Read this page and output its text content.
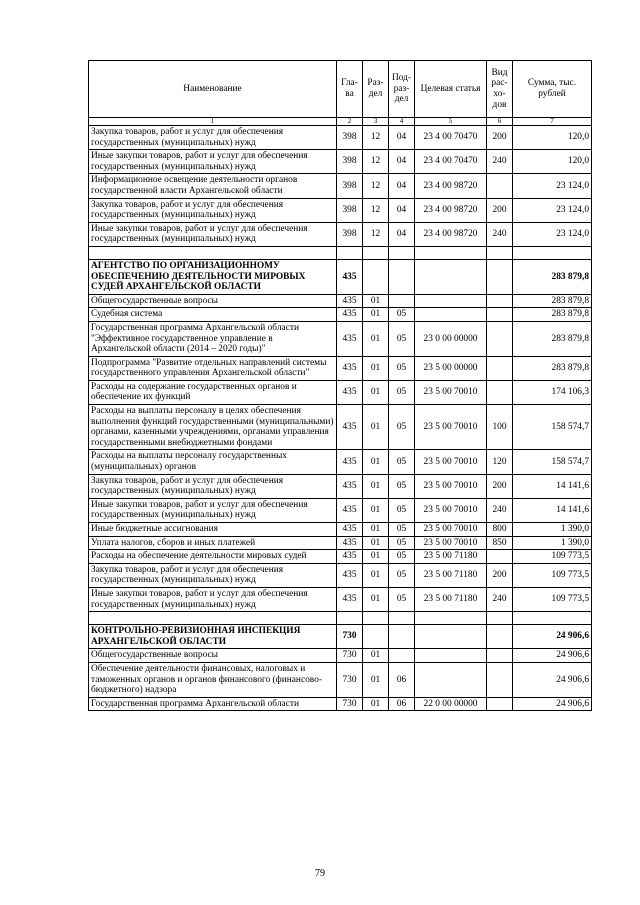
Наименование	Гла-ва	Раз-дел	Под-раз-дел	Целевая статья	Вид рас-хо-дов	Сумма, тыс. рублей
1	2	3	4	5	6	7
Закупка товаров, работ и услуг для обеспечения государственных (муниципальных) нужд	398	12	04	23 4 00 70470	200	120,0
Иные закупки товаров, работ и услуг для обеспечения государственных (муниципальных) нужд	398	12	04	23 4 00 70470	240	120,0
Информационное освещение деятельности органов государственной власти Архангельской области	398	12	04	23 4 00 98720		23 124,0
Закупка товаров, работ и услуг для обеспечения государственных (муниципальных) нужд	398	12	04	23 4 00 98720	200	23 124,0
Иные закупки товаров, работ и услуг для обеспечения государственных (муниципальных) нужд	398	12	04	23 4 00 98720	240	23 124,0

АГЕНТСТВО ПО ОРГАНИЗАЦИОННОМУ ОБЕСПЕЧЕНИЮ ДЕЯТЕЛЬНОСТИ МИРОВЫХ СУДЕЙ АРХАНГЕЛЬСКОЙ ОБЛАСТИ	435					283 879,8
Общегосударственные вопросы	435	01				283 879,8
Судебная система	435	01	05			283 879,8
Государственная программа Архангельской области "Эффективное государственное управление в Архангельской области (2014 – 2020 годы)"	435	01	05	23 0 00 00000		283 879,8
Подпрограмма "Развитие отдельных направлений системы государственного управления Архангельской области"	435	01	05	23 5 00 00000		283 879,8
Расходы на содержание государственных органов и обеспечение их функций	435	01	05	23 5 00 70010		174 106,3
Расходы на выплаты персоналу в целях обеспечения выполнения функций государственными (муниципальными) органами, казенными учреждениями, органами управления государственными внебюджетными фондами	435	01	05	23 5 00 70010	100	158 574,7
Расходы на выплаты персоналу государственных (муниципальных) органов	435	01	05	23 5 00 70010	120	158 574,7
Закупка товаров, работ и услуг для обеспечения государственных (муниципальных) нужд	435	01	05	23 5 00 70010	200	14 141,6
Иные закупки товаров, работ и услуг для обеспечения государственных (муниципальных) нужд	435	01	05	23 5 00 70010	240	14 141,6
Иные бюджетные ассигнования	435	01	05	23 5 00 70010	800	1 390,0
Уплата налогов, сборов и иных платежей	435	01	05	23 5 00 70010	850	1 390,0
Расходы на обеспечение деятельности мировых судей	435	01	05	23 5 00 71180		109 773,5
Закупка товаров, работ и услуг для обеспечения государственных (муниципальных) нужд	435	01	05	23 5 00 71180	200	109 773,5
Иные закупки товаров, работ и услуг для обеспечения государственных (муниципальных) нужд	435	01	05	23 5 00 71180	240	109 773,5

КОНТРОЛЬНО-РЕВИЗИОННАЯ ИНСПЕКЦИЯ АРХАНГЕЛЬСКОЙ ОБЛАСТИ	730					24 906,6
Общегосударственные вопросы	730	01				24 906,6
Обеспечение деятельности финансовых, налоговых и таможенных органов и органов финансового (финансово-бюджетного) надзора	730	01	06			24 906,6
Государственная программа Архангельской области	730	01	06	22 0 00 00000		24 906,6
79
